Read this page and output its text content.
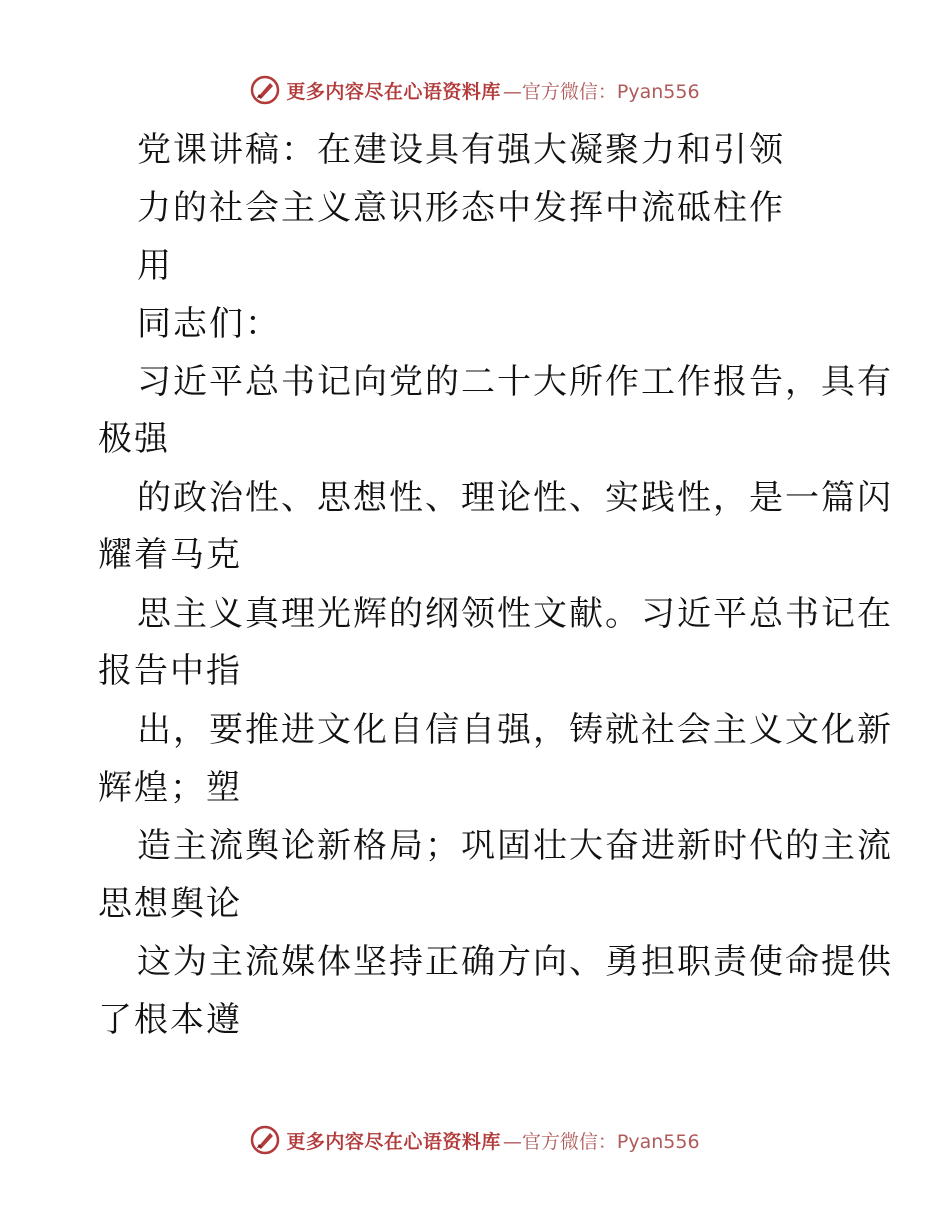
更多内容尽在心语资料库 —官方微信：Pyan556
党课讲稿：在建设具有强大凝聚力和引领
力的社会主义意识形态中发挥中流砥柱作
用
同志们：
习近平总书记向党的二十大所作工作报告，具有
极强
的政治性、思想性、理论性、实践性，是一篇闪
耀着马克
思主义真理光辉的纲领性文献。习近平总书记在
报告中指
出，要推进文化自信自强，铸就社会主义文化新
辉煌；塑
造主流舆论新格局；巩固壮大奋进新时代的主流
思想舆论
这为主流媒体坚持正确方向、勇担职责使命提供
了根本遵
更多内容尽在心语资料库 —官方微信：Pyan556
